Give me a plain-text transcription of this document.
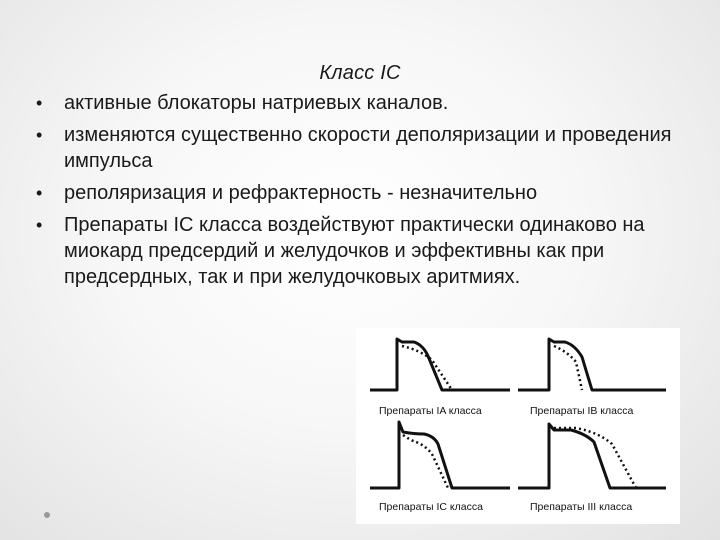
Класс IC
• активные блокаторы натриевых каналов.
• изменяются существенно скорости деполяризации и проведения импульса
• реполяризация и рефрактерность - незначительно
• Препараты IC класса воздействуют практически одинаково на миокард предсердий и желудочков и эффективны как при предсердных, так и при желудочковых аритмиях.
Препараты IA класса	Препараты IB класса
Препараты IC класса	Препараты III класса
